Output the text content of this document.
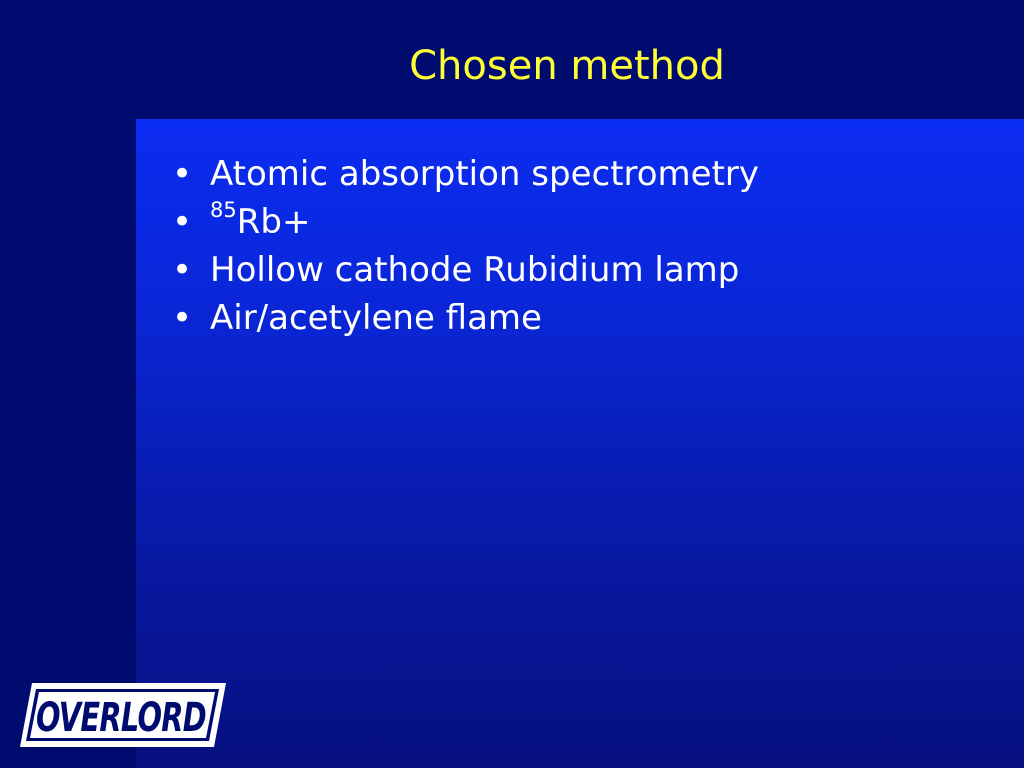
Chosen method
• Atomic absorption spectrometry
• $^{85}$Rb+
• Hollow cathode Rubidium lamp
• Air/acetylene flame
OVERLORD
